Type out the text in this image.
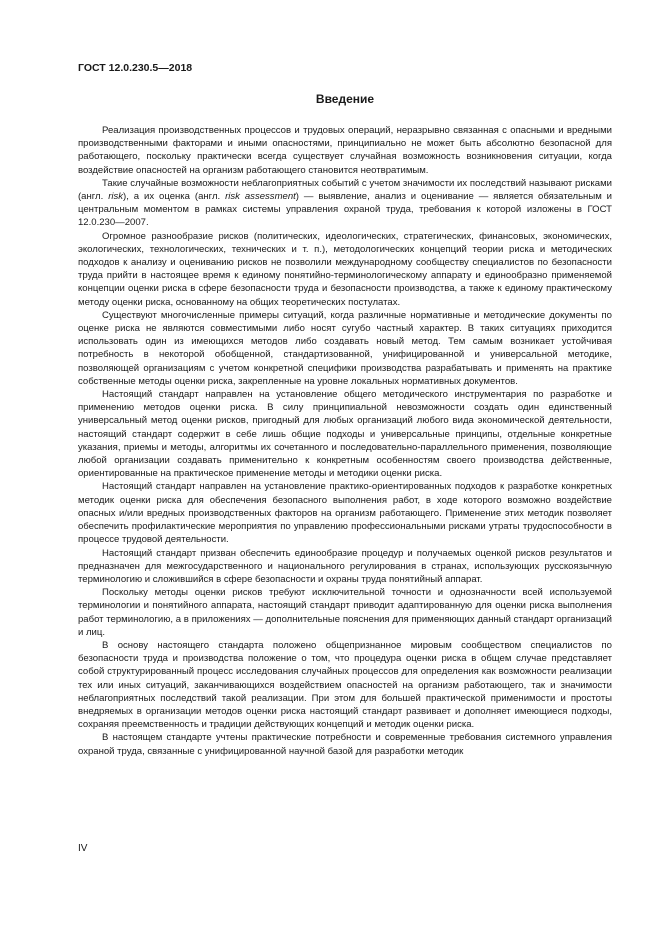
ГОСТ 12.0.230.5—2018
Введение

Реализация производственных процессов и трудовых операций, неразрывно связанная с опасными и вредными производственными факторами и иными опасностями, принципиально не может быть абсолютно безопасной для работающего, поскольку практически всегда существует случайная возможность возникновения ситуации, когда воздействие опасностей на организм работающего становится неотвратимым.

Такие случайные возможности неблагоприятных событий с учетом значимости их последствий называют рисками (англ. risk), а их оценка (англ. risk assessment) — выявление, анализ и оценивание — является обязательным и центральным моментом в рамках системы управления охраной труда, требования к которой изложены в ГОСТ 12.0.230—2007.

Огромное разнообразие рисков (политических, идеологических, стратегических, финансовых, экономических, экологических, технологических, технических и т. п.), методологических концепций теории риска и методических подходов к анализу и оцениванию рисков не позволили международному сообществу специалистов по безопасности труда прийти в настоящее время к единому понятийно-терминологическому аппарату и единообразно применяемой концепции оценки риска в сфере безопасности труда и безопасности производства, а также к единому практическому методу оценки риска, основанному на общих теоретических постулатах.

Существуют многочисленные примеры ситуаций, когда различные нормативные и методические документы по оценке риска не являются совместимыми либо носят сугубо частный характер. В таких ситуациях приходится использовать один из имеющихся методов либо создавать новый метод. Тем самым возникает устойчивая потребность в некоторой обобщенной, стандартизованной, унифицированной и универсальной методике, позволяющей организациям с учетом конкретной специфики производства разрабатывать и применять на практике собственные методы оценки риска, закрепленные на уровне локальных нормативных документов.

Настоящий стандарт направлен на установление общего методического инструментария по разработке и применению методов оценки риска. В силу принципиальной невозможности создать один единственный универсальный метод оценки рисков, пригодный для любых организаций любого вида экономической деятельности, настоящий стандарт содержит в себе лишь общие подходы и универсальные принципы, отдельные конкретные указания, приемы и методы, алгоритмы их сочетанного и последовательно-параллельного применения, позволяющие любой организации создавать применительно к конкретным особенностям своего производства действенные, ориентированные на практическое применение методы и методики оценки риска.

Настоящий стандарт направлен на установление практико-ориентированных подходов к разработке конкретных методик оценки риска для обеспечения безопасного выполнения работ, в ходе которого возможно воздействие опасных и/или вредных производственных факторов на организм работающего. Применение этих методик позволяет обеспечить профилактические мероприятия по управлению профессиональными рисками утраты трудоспособности в процессе трудовой деятельности.

Настоящий стандарт призван обеспечить единообразие процедур и получаемых оценкой рисков результатов и предназначен для межгосударственного и национального регулирования в странах, использующих русскоязычную терминологию и сложившийся в сфере безопасности и охраны труда понятийный аппарат.

Поскольку методы оценки рисков требуют исключительной точности и однозначности всей используемой терминологии и понятийного аппарата, настоящий стандарт приводит адаптированную для оценки риска выполнения работ терминологию, а в приложениях — дополнительные пояснения для применяющих данный стандарт организаций и лиц.

В основу настоящего стандарта положено общепризнанное мировым сообществом специалистов по безопасности труда и производства положение о том, что процедура оценки риска в общем случае представляет собой структурированный процесс исследования случайных процессов для определения как возможности реализации тех или иных ситуаций, заканчивающихся воздействием опасностей на организм работающего, так и значимости неблагоприятных последствий такой реализации. При этом для большей практической применимости и простоты внедряемых в организации методов оценки риска настоящий стандарт развивает и дополняет имеющиеся подходы, сохраняя преемственность и традиции действующих концепций и методик оценки риска.

В настоящем стандарте учтены практические потребности и современные требования системного управления охраной труда, связанные с унифицированной научной базой для разработки методик

IV
